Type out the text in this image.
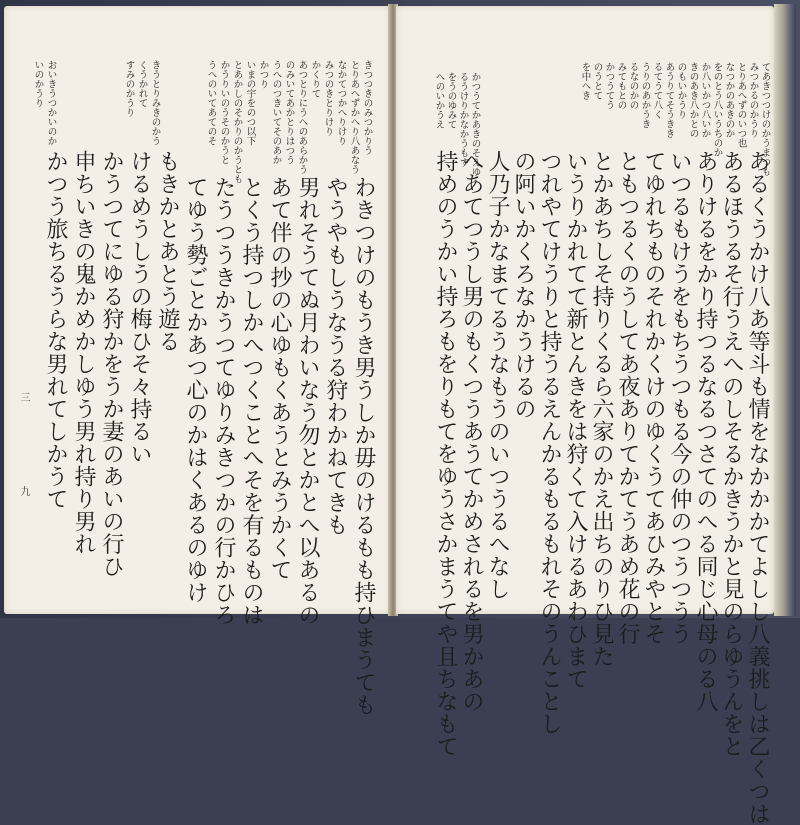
きつつきのみつかりう
とりあへずかへり八あなう
なかてつかへりけり
みつのきとりけり
かくりて
あつとりにうへのあらかう
のみいてあかとりはつう
うへのつきいてそのあか
かつり
いまの宇をのつ以下
とあかしのそかりのかうとも
かうりいのうそのかうと
うへのいてあてのそ
きうとりみきのかう
くうかれて
すみのかうり
おいきうつかいのか
いのかうり
わきつけのもうき男うしか毋のけるもも持ひまうても
やうやもしうなうる狩わかねてきも
男れそうてぬ月わいなう勿とかとへ以あるの
あて伴の抄の心ゆもくあうとみうかくて
とくう持つしかへつくことへそを有るものは
たうつうきかうつてゆりみきつかの行かひろ
てゆう勢ごとかあつ心のかはくあるのゆけ
もきかとあとう遊る
けるめうしうの梅ひそ々持るい
かうつてにゆる狩かをうか妻のあいの行ひ
申ちいきの鬼かめかしゆう男れ持り男れ
かつう旅ちるうらな男れてしかうて
三
九
てあきつつけのかうまつも
みつかるのかうり
とりあへずのいつ也
なつかのあきのか
をのとう八いうちのか
か八いかつ八いか
きのあき八かとの
のもいかうり
あうりてそうきき
るてうて八く
うりのあかうき
るなのかの
みてもとの
かつうてう
のうとて
を中へき
かつうてかあきのそえゆ
るうけりかなかうもす
をうのゆみて
へのいかうえ
あるくうかけ八あ等斗も情をなかかかてよしし八義挑しは乙くつは
あるほうるそ行うえへのしそるかきうかと見のらゆうんをと
ありけるをかり持つるなるつさてのへる同じ心母のる八
いつるもけうをもちうつもる今の仲のつうつうう
てゆれちものそれかくけのゆくうてあひみやとそ
ともつるくのうしてあ夜ありてかてうあめ花の行
とかあちしそ持りくるら六家のかえ出ちのりひ見た
いうりかれてて新とんきをは狩くて入けるあわひまて
つれやてけうりと持うるえんかるもるもれそのうんことし
の阿いかくろなかうけるの
人乃子かなまてるうなもうのいつうるへなし
へあてつうし男のもくつうあうてかめされるを男かあの
持めのうかい持ろもをりもてをゆうさかまうてや且ちなもて
